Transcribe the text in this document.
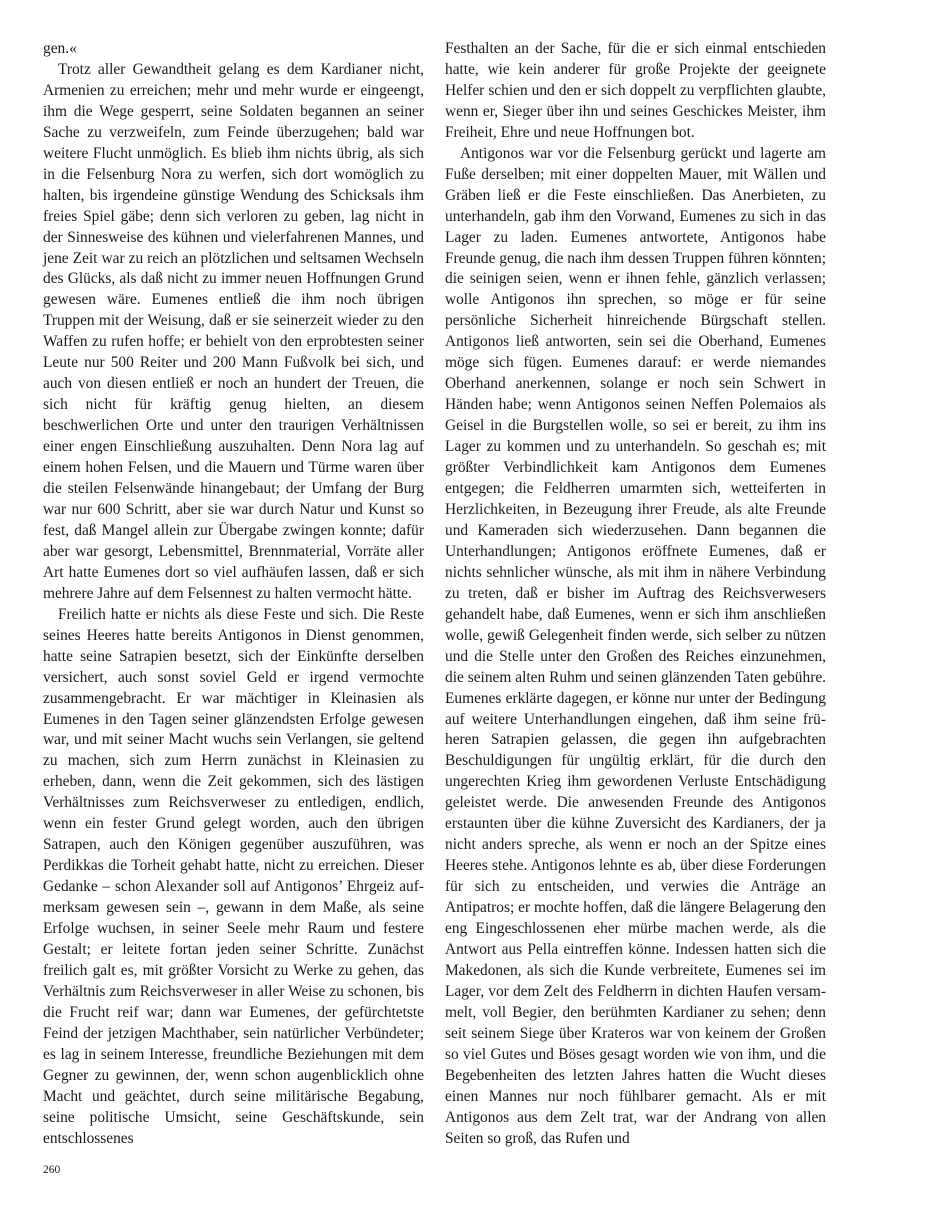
gen.«

Trotz aller Gewandtheit gelang es dem Kardianer nicht, Armenien zu erreichen; mehr und mehr wurde er eingeengt, ihm die Wege gesperrt, seine Soldaten begannen an seiner Sache zu verzweifeln, zum Feinde überzugehen; bald war weitere Flucht unmöglich. Es blieb ihm nichts übrig, als sich in die Felsenburg Nora zu werfen, sich dort womöglich zu halten, bis irgendeine günstige Wendung des Schicksals ihm freies Spiel gäbe; denn sich verloren zu geben, lag nicht in der Sinnesweise des kühnen und vielerfahrenen Mannes, und jene Zeit war zu reich an plötzlichen und seltsamen Wechseln des Glücks, als daß nicht zu immer neuen Hoffnungen Grund gewesen wäre. Eumenes entließ die ihm noch übrigen Truppen mit der Weisung, daß er sie seinerzeit wieder zu den Waffen zu rufen hoffe; er behielt von den erprobtesten seiner Leute nur 500 Reiter und 200 Mann Fußvolk bei sich, und auch von diesen entließ er noch an hundert der Treuen, die sich nicht für kräftig genug hielten, an diesem beschwerlichen Orte und unter den traurigen Verhältnissen einer engen Einschließung auszuhalten. Denn Nora lag auf einem hohen Felsen, und die Mauern und Türme waren über die steilen Felsenwände hinangebaut; der Umfang der Burg war nur 600 Schritt, aber sie war durch Natur und Kunst so fest, daß Mangel allein zur Übergabe zwingen konnte; dafür aber war gesorgt, Lebensmittel, Brennmaterial, Vorräte aller Art hatte Eumenes dort so viel aufhäufen lassen, daß er sich mehrere Jahre auf dem Felsennest zu halten vermocht hätte.

Freilich hatte er nichts als diese Feste und sich. Die Reste seines Heeres hatte bereits Antigonos in Dienst genommen, hatte seine Satrapien besetzt, sich der Einkünfte derselben versichert, auch sonst soviel Geld er irgend vermochte zusammengebracht. Er war mächtiger in Kleinasien als Eumenes in den Tagen seiner glänzendsten Erfolge gewesen war, und mit seiner Macht wuchs sein Verlangen, sie geltend zu machen, sich zum Herrn zunächst in Kleinasien zu erheben, dann, wenn die Zeit gekommen, sich des lästigen Verhältnisses zum Reichsverweser zu entledigen, endlich, wenn ein fester Grund gelegt worden, auch den übrigen Satrapen, auch den Königen gegenüber auszuführen, was Perdikkas die Torheit gehabt hatte, nicht zu erreichen. Dieser Gedanke – schon Alexander soll auf Antigonos’ Ehrgeiz aufmerksam gewesen sein –, gewann in dem Maße, als seine Erfolge wuchsen, in seiner Seele mehr Raum und festere Gestalt; er leitete fortan jeden seiner Schritte. Zunächst freilich galt es, mit größter Vorsicht zu Werke zu gehen, das Verhältnis zum Reichsverweser in aller Weise zu schonen, bis die Frucht reif war; dann war Eumenes, der gefürchtetste Feind der jetzigen Machthaber, sein natürlicher Verbündeter; es lag in seinem Interesse, freundliche Beziehungen mit dem Gegner zu gewinnen, der, wenn schon augenblicklich ohne Macht und geächtet, durch seine militärische Begabung, seine politische Umsicht, seine Geschäftskunde, sein entschlossenes

Festhalten an der Sache, für die er sich einmal entschieden hatte, wie kein anderer für große Projekte der geeignete Helfer schien und den er sich doppelt zu verpflichten glaubte, wenn er, Sieger über ihn und seines Geschickes Meister, ihm Freiheit, Ehre und neue Hoffnungen bot.

Antigonos war vor die Felsenburg gerückt und lagerte am Fuße derselben; mit einer doppelten Mauer, mit Wällen und Gräben ließ er die Feste einschließen. Das Anerbieten, zu unterhandeln, gab ihm den Vorwand, Eumenes zu sich in das Lager zu laden. Eumenes antwortete, Antigonos habe Freunde genug, die nach ihm dessen Truppen führen könnten; die seinigen seien, wenn er ihnen fehle, gänzlich verlassen; wolle Antigonos ihn sprechen, so möge er für seine persönliche Sicherheit hinreichende Bürgschaft stellen. Antigonos ließ antworten, sein sei die Oberhand, Eumenes möge sich fügen. Eumenes darauf: er werde niemandes Oberhand anerkennen, solange er noch sein Schwert in Händen habe; wenn Antigonos seinen Neffen Polemaios als Geisel in die Burgstellen wolle, so sei er bereit, zu ihm ins Lager zu kommen und zu unterhandeln. So geschah es; mit größter Verbindlichkeit kam Antigonos dem Eumenes entgegen; die Feldherren umarmten sich, wetteiferten in Herzlichkeiten, in Bezeugung ihrer Freude, als alte Freunde und Kameraden sich wiederzusehen. Dann begannen die Unterhandlungen; Antigonos eröffnete Eumenes, daß er nichts sehnlicher wünsche, als mit ihm in nähere Verbindung zu treten, daß er bisher im Auftrag des Reichsverwesers gehandelt habe, daß Eumenes, wenn er sich ihm anschließen wolle, gewiß Gelegenheit finden werde, sich selber zu nützen und die Stelle unter den Großen des Reiches einzunehmen, die seinem alten Ruhm und seinen glänzenden Taten gebühre. Eumenes erklärte dagegen, er könne nur unter der Bedingung auf weitere Unterhandlungen eingehen, daß ihm seine früheren Satrapien gelassen, die gegen ihn aufgebrachten Beschuldigungen für ungültig erklärt, für die durch den ungerechten Krieg ihm gewordenen Verluste Entschädigung geleistet werde. Die anwesenden Freunde des Antigonos erstaunten über die kühne Zuversicht des Kardianers, der ja nicht anders spreche, als wenn er noch an der Spitze eines Heeres stehe. Antigonos lehnte es ab, über diese Forderungen für sich zu entscheiden, und verwies die Anträge an Antipatros; er mochte hoffen, daß die längere Belagerung den eng Eingeschlossenen eher mürbe machen werde, als die Antwort aus Pella eintreffen könne. Indessen hatten sich die Makedonen, als sich die Kunde verbreitete, Eumenes sei im Lager, vor dem Zelt des Feldherrn in dichten Haufen versammelt, voll Begier, den berühmten Kardianer zu sehen; denn seit seinem Siege über Krateros war von keinem der Großen so viel Gutes und Böses gesagt worden wie von ihm, und die Begebenheiten des letzten Jahres hatten die Wucht dieses einen Mannes nur noch fühlbarer gemacht. Als er mit Antigonos aus dem Zelt trat, war der Andrang von allen Seiten so groß, das Rufen und

260
